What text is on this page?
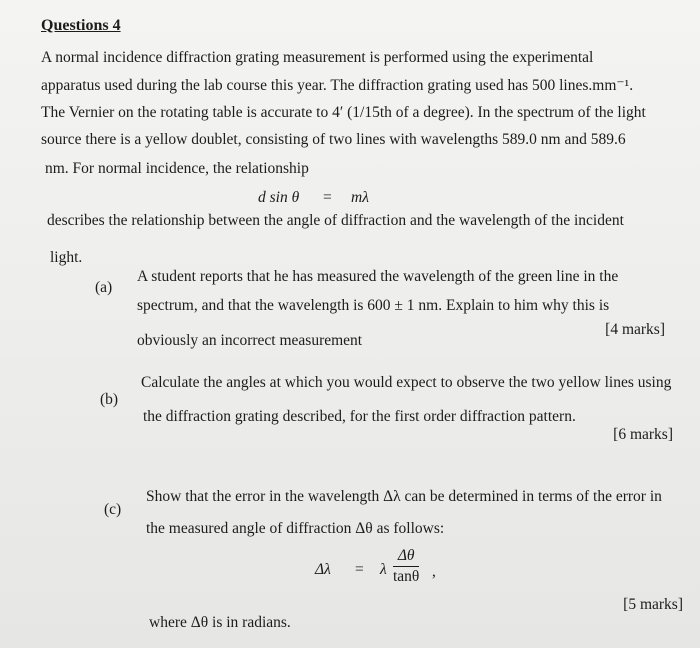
Questions 4
A normal incidence diffraction grating measurement is performed using the experimental
apparatus used during the lab course this year. The diffraction grating used has 500 lines.mm⁻¹.
The Vernier on the rotating table is accurate to 4′ (1/15th of a degree). In the spectrum of the light
source there is a yellow doublet, consisting of two lines with wavelengths 589.0 nm and 589.6
nm. For normal incidence, the relationship
d sin θ = mλ
describes the relationship between the angle of diffraction and the wavelength of the incident
light.
(a)
A student reports that he has measured the wavelength of the green line in the
spectrum, and that the wavelength is 600 ± 1 nm. Explain to him why this is
obviously an incorrect measurement
[4 marks]
(b)
Calculate the angles at which you would expect to observe the two yellow lines using
the diffraction grating described, for the first order diffraction pattern.
[6 marks]
(c)
Show that the error in the wavelength Δλ can be determined in terms of the error in
the measured angle of diffraction Δθ as follows:
Δλ = λ $\frac{\Delta\theta}{\tan\theta}$ ,
where Δθ is in radians.
[5 marks]
